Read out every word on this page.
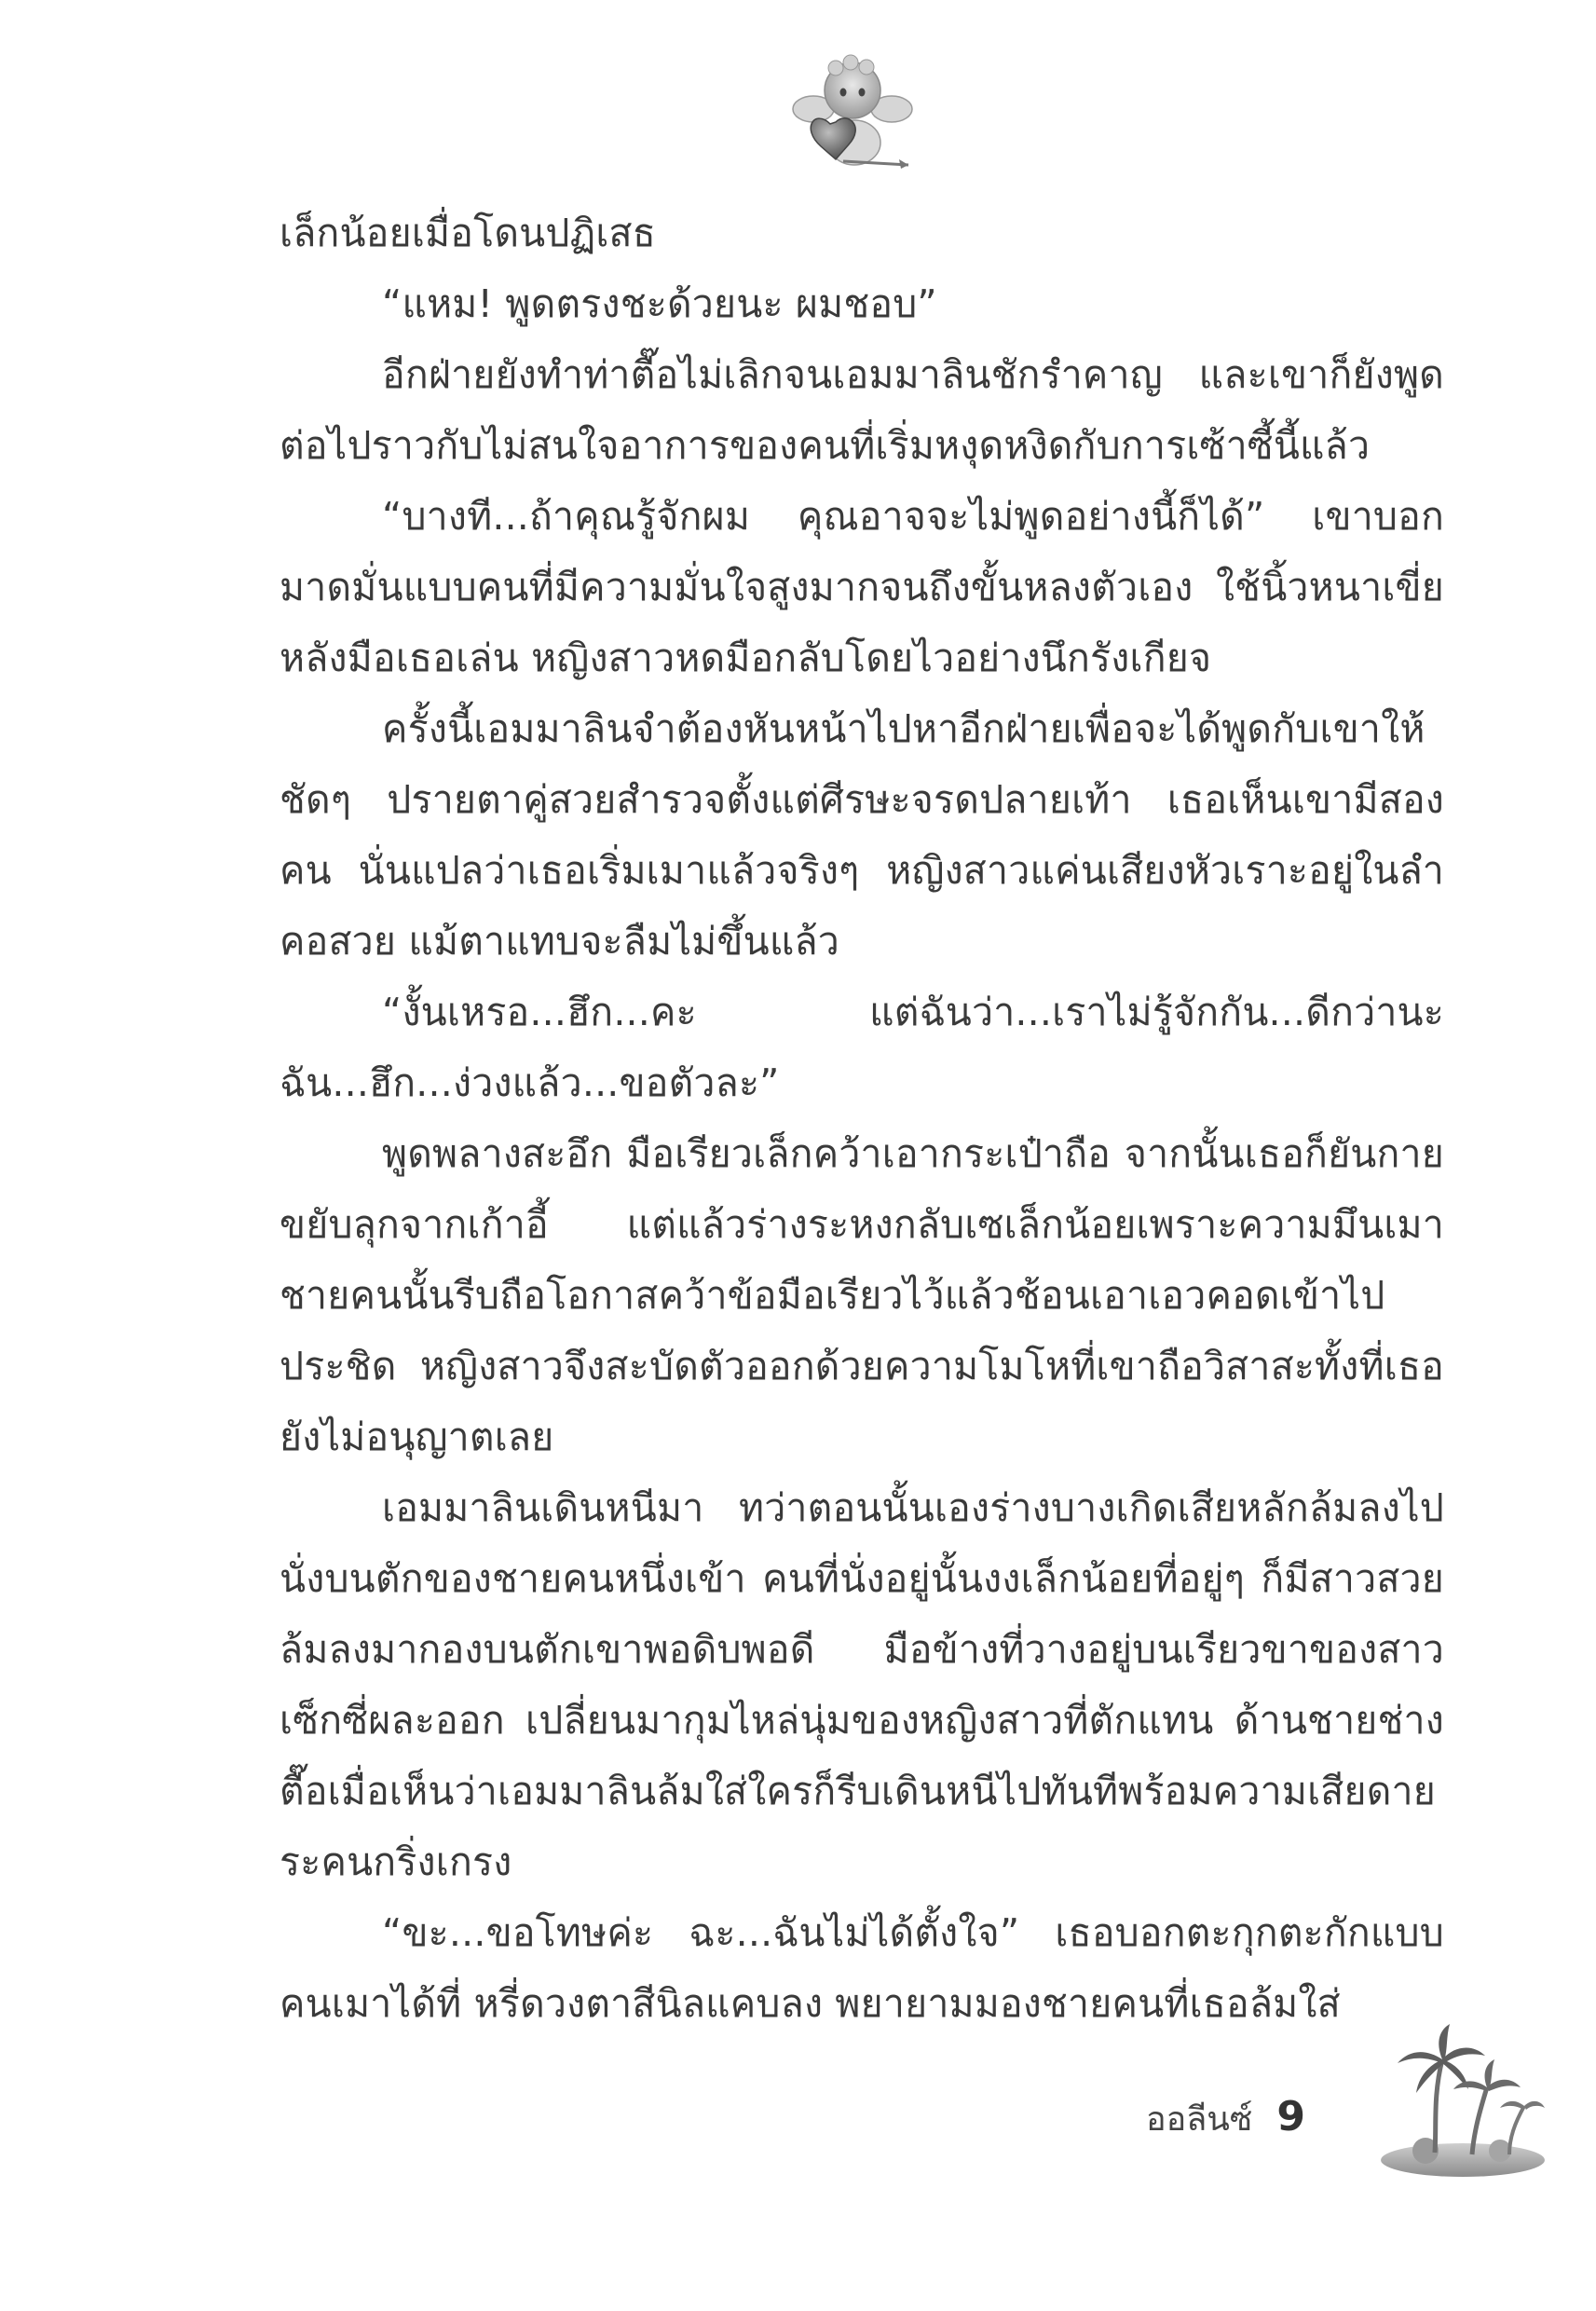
เล็กน้อยเมื่อโดนปฏิเสธ

“แหม! พูดตรงชะด้วยนะ ผมชอบ”

อีกฝ่ายยังทำท่าตื๊อไม่เลิกจนเอมมาลินชักรำคาญ และเขาก็ยังพูดต่อไปราวกับไม่สนใจอาการของคนที่เริ่มหงุดหงิดกับการเซ้าซี้นี้แล้ว

“บางที...ถ้าคุณรู้จักผม คุณอาจจะไม่พูดอย่างนี้ก็ได้” เขาบอกมาดมั่นแบบคนที่มีความมั่นใจสูงมากจนถึงขั้นหลงตัวเอง ใช้นิ้วหนาเขี่ยหลังมือเธอเล่น หญิงสาวหดมือกลับโดยไวอย่างนึกรังเกียจ

ครั้งนี้เอมมาลินจำต้องหันหน้าไปหาอีกฝ่ายเพื่อจะได้พูดกับเขาให้ชัดๆ ปรายตาคู่สวยสำรวจตั้งแต่ศีรษะจรดปลายเท้า เธอเห็นเขามีสองคน นั่นแปลว่าเธอเริ่มเมาแล้วจริงๆ หญิงสาวแค่นเสียงหัวเราะอยู่ในลำคอสวย แม้ตาแทบจะลืมไม่ขึ้นแล้ว

“งั้นเหรอ...ฮึก...คะ แต่ฉันว่า...เราไม่รู้จักกัน...ดีกว่านะ ฉัน...ฮึก...ง่วงแล้ว...ขอตัวละ”

พูดพลางสะอึก มือเรียวเล็กคว้าเอากระเป๋าถือ จากนั้นเธอก็ยันกายขยับลุกจากเก้าอี้ แต่แล้วร่างระหงกลับเซเล็กน้อยเพราะความมึนเมา ชายคนนั้นรีบถือโอกาสคว้าข้อมือเรียวไว้แล้วช้อนเอาเอวคอดเข้าไปประชิด หญิงสาวจึงสะบัดตัวออกด้วยความโมโหที่เขาถือวิสาสะทั้งที่เธอยังไม่อนุญาตเลย

เอมมาลินเดินหนีมา ทว่าตอนนั้นเองร่างบางเกิดเสียหลักล้มลงไปนั่งบนตักของชายคนหนึ่งเข้า คนที่นั่งอยู่นั้นงงเล็กน้อยที่อยู่ๆ ก็มีสาวสวยล้มลงมากองบนตักเขาพอดิบพอดี มือข้างที่วางอยู่บนเรียวขาของสาวเซ็กซี่ผละออก เปลี่ยนมากุมไหล่นุ่มของหญิงสาวที่ตักแทน ด้านชายช่างตื๊อเมื่อเห็นว่าเอมมาลินล้มใส่ใครก็รีบเดินหนีไปทันทีพร้อมความเสียดายระคนกริ่งเกรง

“ขะ...ขอโทษค่ะ ฉะ...ฉันไม่ได้ตั้งใจ” เธอบอกตะกุกตะกักแบบคนเมาได้ที่ หรี่ดวงตาสีนิลแคบลง พยายามมองชายคนที่เธอล้มใส่

ออลีนซ์ 9
